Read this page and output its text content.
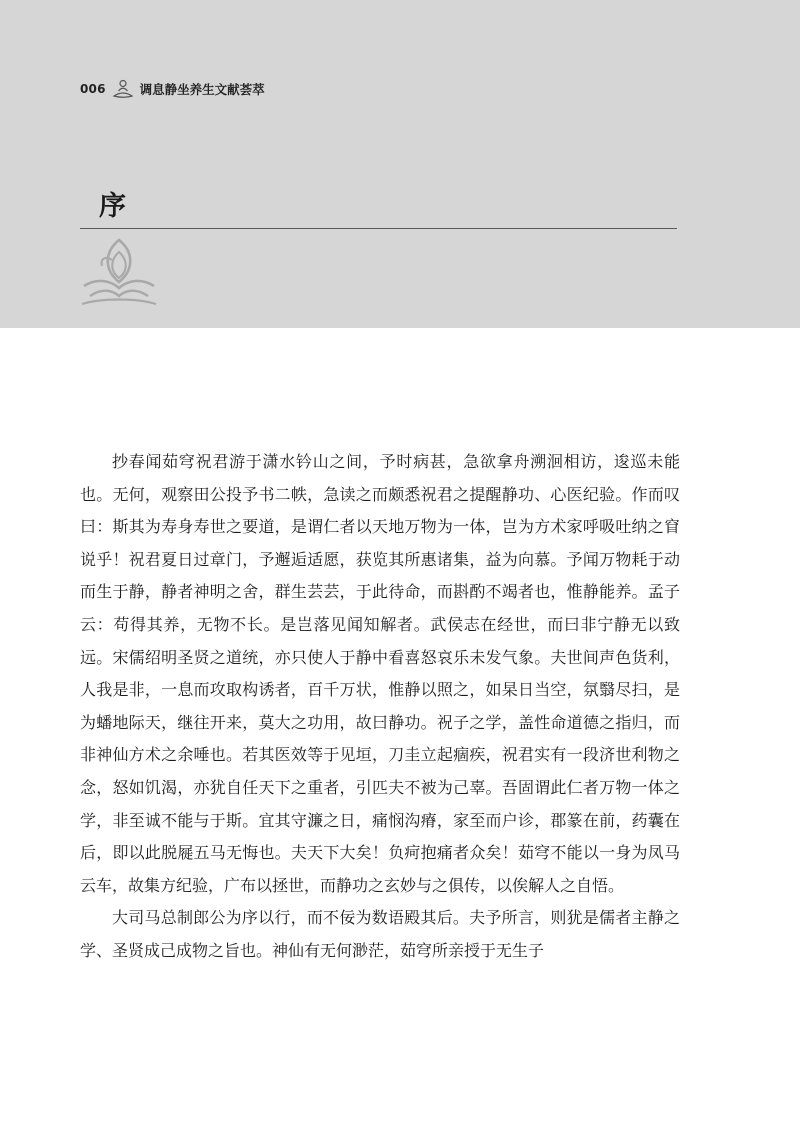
006	调息静坐养生文献荟萃
序

抄春闻茹穹祝君游于潇水钤山之间，予时病甚，急欲拿舟溯洄相访，逡巡未能也。无何，观察田公投予书二帙，急读之而颇悉祝君之提醒静功、心医纪验。作而叹曰：斯其为寿身寿世之要道，是谓仁者以天地万物为一体，岂为方术家呼吸吐纳之窅说乎！祝君夏日过章门，予邂逅适愿，获览其所惠诸集，益为向慕。予闻万物耗于动而生于静，静者神明之舍，群生芸芸，于此待命，而斟酌不竭者也，惟静能养。孟子云：苟得其养，无物不长。是岂落见闻知解者。武侯志在经世，而曰非宁静无以致远。宋儒绍明圣贤之道统，亦只使人于静中看喜怒哀乐未发气象。夫世间声色货利，人我是非，一息而攻取构诱者，百千万状，惟静以照之，如杲日当空，氛翳尽扫，是为蟠地际天，继往开来，莫大之功用，故曰静功。祝子之学，盖性命道德之指归，而非神仙方术之余唾也。若其医效等于见垣，刀圭立起痼疾，祝君实有一段济世利物之念，怒如饥渴，亦犹自任天下之重者，引匹夫不被为己辜。吾固谓此仁者万物一体之学，非至诚不能与于斯。宜其守濂之日，痛悯沟瘠，家至而户诊，郡篆在前，药囊在后，即以此脱屣五马无悔也。夫天下大矣！负疴抱痛者众矣！茹穹不能以一身为凤马云车，故集方纪验，广布以拯世，而静功之玄妙与之俱传，以俟解人之自悟。

大司马总制郎公为序以行，而不佞为数语殿其后。夫予所言，则犹是儒者主静之学、圣贤成己成物之旨也。神仙有无何渺茫，茹穹所亲授于无生子
